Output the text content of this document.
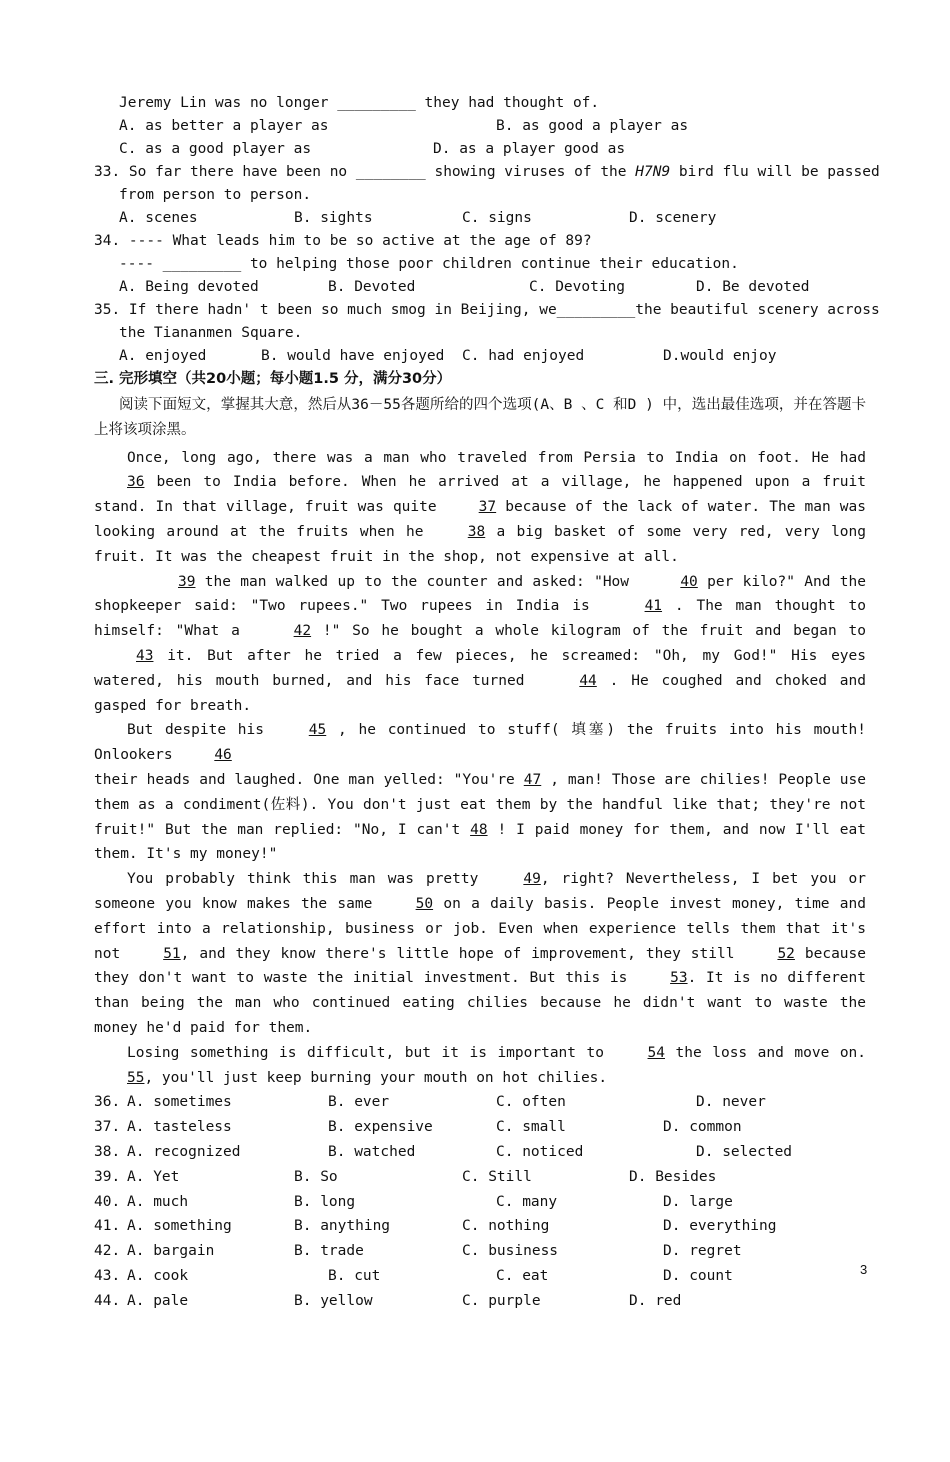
Jeremy Lin was no longer _________ they had thought of.

A. as better a player as

	B. as good a player as

C. as a good player as

	D. as a player good as

33. So far there have been no ________ showing viruses of the H7N9 bird flu will be passed
from person to person.

A. scenes

	B. sights

	C. signs

	D. scenery

34. ---- What leads him to be so active at the age of 89?
---- _________ to helping those poor children continue their education.

A. Being devoted

	B. Devoted

	C. Devoting

	D. Be devoted

35. If there hadn' t been so much smog in Beijing, we_________the beautiful scenery across
the Tiananmen Square.

A. enjoyed

	B. would have enjoyed

C. had enjoyed

	D.would enjoy

三. 完形填空（共20小题；每小题1.5 分，满分30分）
阅读下面短文，掌握其大意，然后从36－55各题所给的四个选项(A、B 、C 和D ) 中，选出最佳选项，并在答题卡上将该项涂黑。

Once, long ago, there was a man who traveled from Persia to India on foot. He had 36 been to India before. When he arrived at a village, he happened upon a fruit stand. In that village, fruit was quite 37 because of the lack of water. The man was looking around at the fruits when he 38 a big basket of some very red, very long fruit. It was the cheapest fruit in the shop, not expensive at all.

39 the man walked up to the counter and asked: "How	40 per kilo?" And the shopkeeper said: "Two rupees." Two rupees in India is	41 . The man thought to himself: "What a	42 !" So he bought a whole kilogram of the fruit and began to 43 it. But after he tried a few pieces, he screamed: "Oh, my God!" His eyes watered, his mouth burned, and his face turned	44 . He coughed and choked and gasped for breath.

But despite his 45 , he continued to stuff( 填塞) the fruits into his mouth! Onlookers 46

their heads and laughed. One man yelled: "You're 47 , man! Those are chilies! People use them as a condiment(佐料). You don't just eat them by the handful like that; they're not fruit!" But the man replied: "No, I can't 48 ! I paid money for them, and now I'll eat them. It's my money!"

You probably think this man was pretty 49, right? Nevertheless, I bet you or someone you know makes the same 50 on a daily basis. People invest money, time and effort into a relationship, business or job. Even when experience tells them that it's not 51, and they know there's little hope of improvement, they still 52 because they don't want to waste the initial investment. But this is 53. It is no different than being the man who continued eating chilies because he didn't want to waste the money he'd paid for them.

Losing something is difficult, but it is important to 54 the loss and move on. 55, you'll just keep burning your mouth on hot chilies.

36.

A. sometimes

	B. ever

	C. often

	D. never

37.

A. tasteless

	B. expensive

	C. small

	D. common

38.

A. recognized

	B. watched

	C. noticed

	D. selected

39.

A. Yet

	B. So

	C. Still

	D. Besides

40.

A. much

	B. long

	C. many

	D. large

41.

A. something

	B. anything

	C. nothing

	D. everything

42.

A. bargain

	B. trade

	C. business

	D. regret

43.

A. cook

	B. cut

	C. eat

	D. count

44.

A. pale

	B. yellow

	C. purple

	D. red

3
